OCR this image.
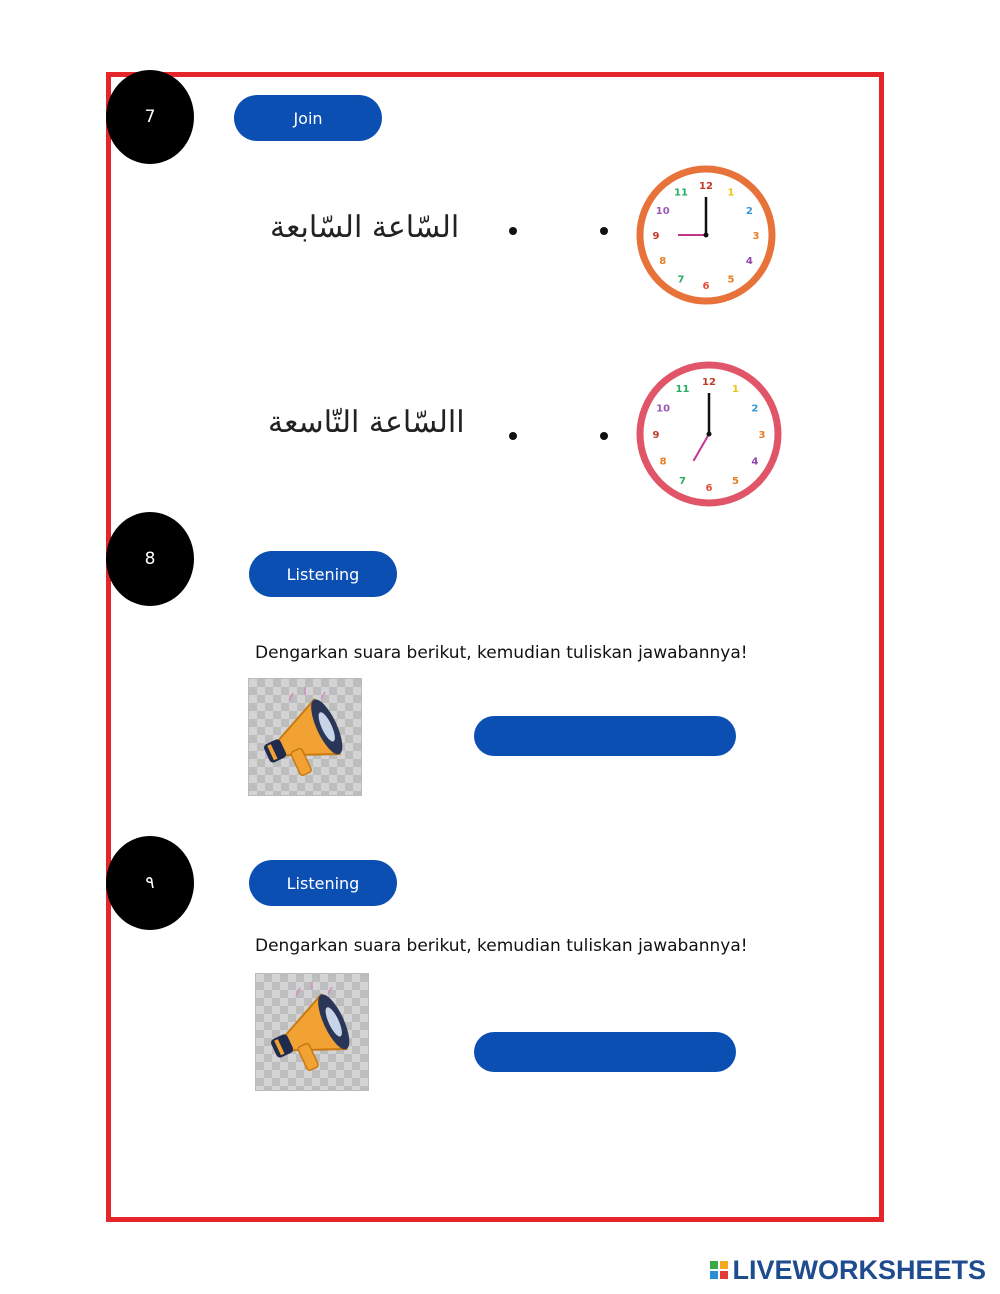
7	Join
السّاعة السّابعة
12
1
2
3
4
5
6
7
8
9
10
11
االسّاعة التّاسعة
12
1
2
3
4
5
6
7
8
9
10
11
8
Listening
Dengarkan suara berikut, kemudian tuliskan jawabannya!
٩	Listening
Dengarkan suara berikut, kemudian tuliskan jawabannya!
LIVEWORKSHEETS
